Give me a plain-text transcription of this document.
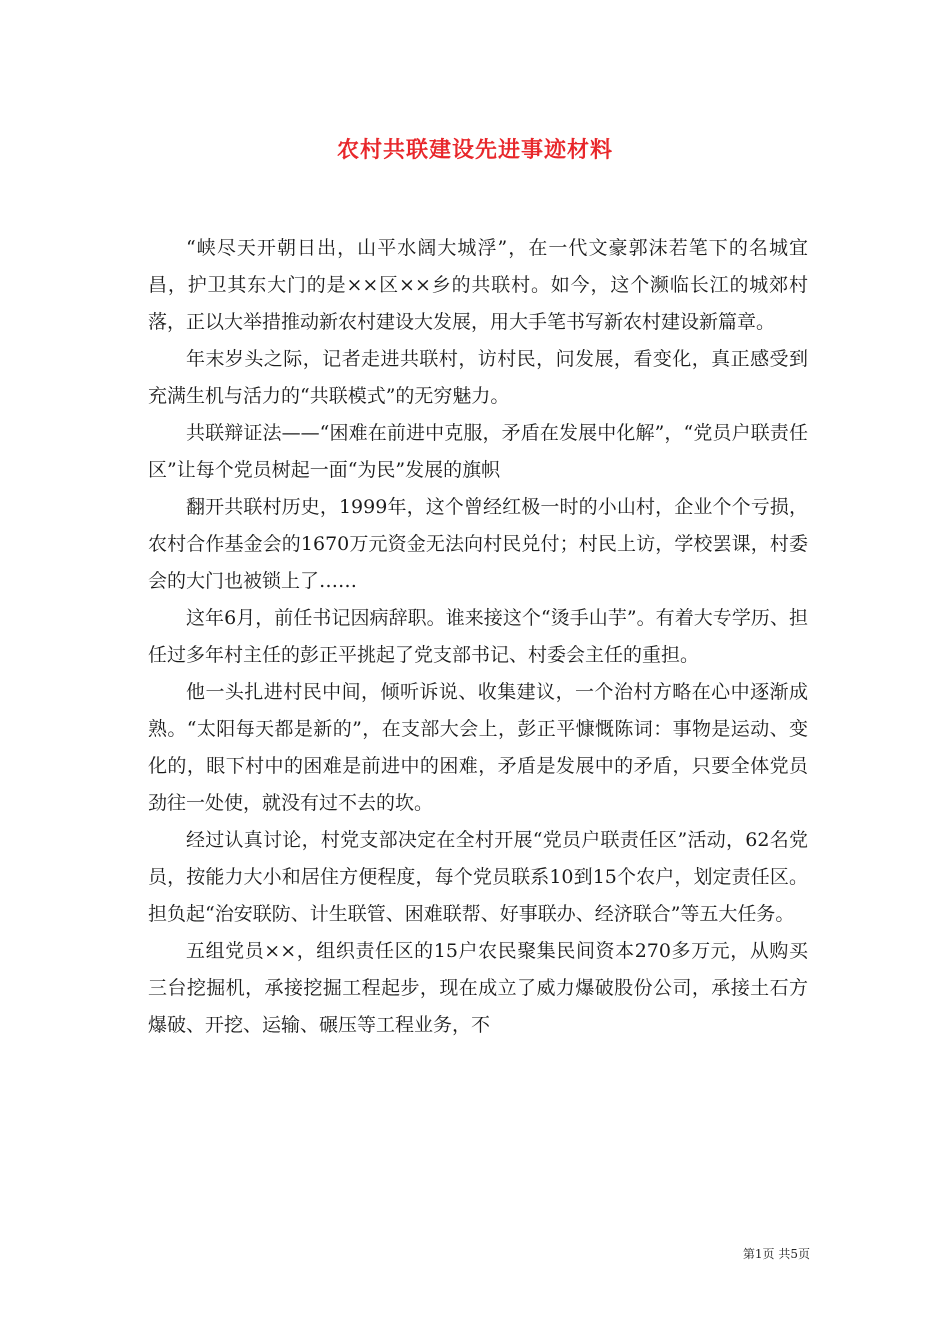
农村共联建设先进事迹材料

“峡尽天开朝日出，山平水阔大城浮”，在一代文豪郭沫若笔下的名城宜昌，护卫其东大门的是××区××乡的共联村。如今，这个濒临长江的城郊村落，正以大举措推动新农村建设大发展，用大手笔书写新农村建设新篇章。

年末岁头之际，记者走进共联村，访村民，问发展，看变化，真正感受到充满生机与活力的“共联模式”的无穷魅力。

共联辩证法——“困难在前进中克服，矛盾在发展中化解”，“党员户联责任区”让每个党员树起一面“为民”发展的旗帜

翻开共联村历史，1999年，这个曾经红极一时的小山村，企业个个亏损，农村合作基金会的1670万元资金无法向村民兑付；村民上访，学校罢课，村委会的大门也被锁上了……

这年6月，前任书记因病辞职。谁来接这个“烫手山芋”。有着大专学历、担任过多年村主任的彭正平挑起了党支部书记、村委会主任的重担。

他一头扎进村民中间，倾听诉说、收集建议，一个治村方略在心中逐渐成熟。“太阳每天都是新的”，在支部大会上，彭正平慷慨陈词：事物是运动、变化的，眼下村中的困难是前进中的困难，矛盾是发展中的矛盾，只要全体党员劲往一处使，就没有过不去的坎。

经过认真讨论，村党支部决定在全村开展“党员户联责任区”活动，62名党员，按能力大小和居住方便程度，每个党员联系10到15个农户，划定责任区。担负起“治安联防、计生联管、困难联帮、好事联办、经济联合”等五大任务。

五组党员××，组织责任区的15户农民聚集民间资本270多万元，从购买三台挖掘机，承接挖掘工程起步，现在成立了威力爆破股份公司，承接土石方爆破、开挖、运输、碾压等工程业务，不

第1页 共5页
